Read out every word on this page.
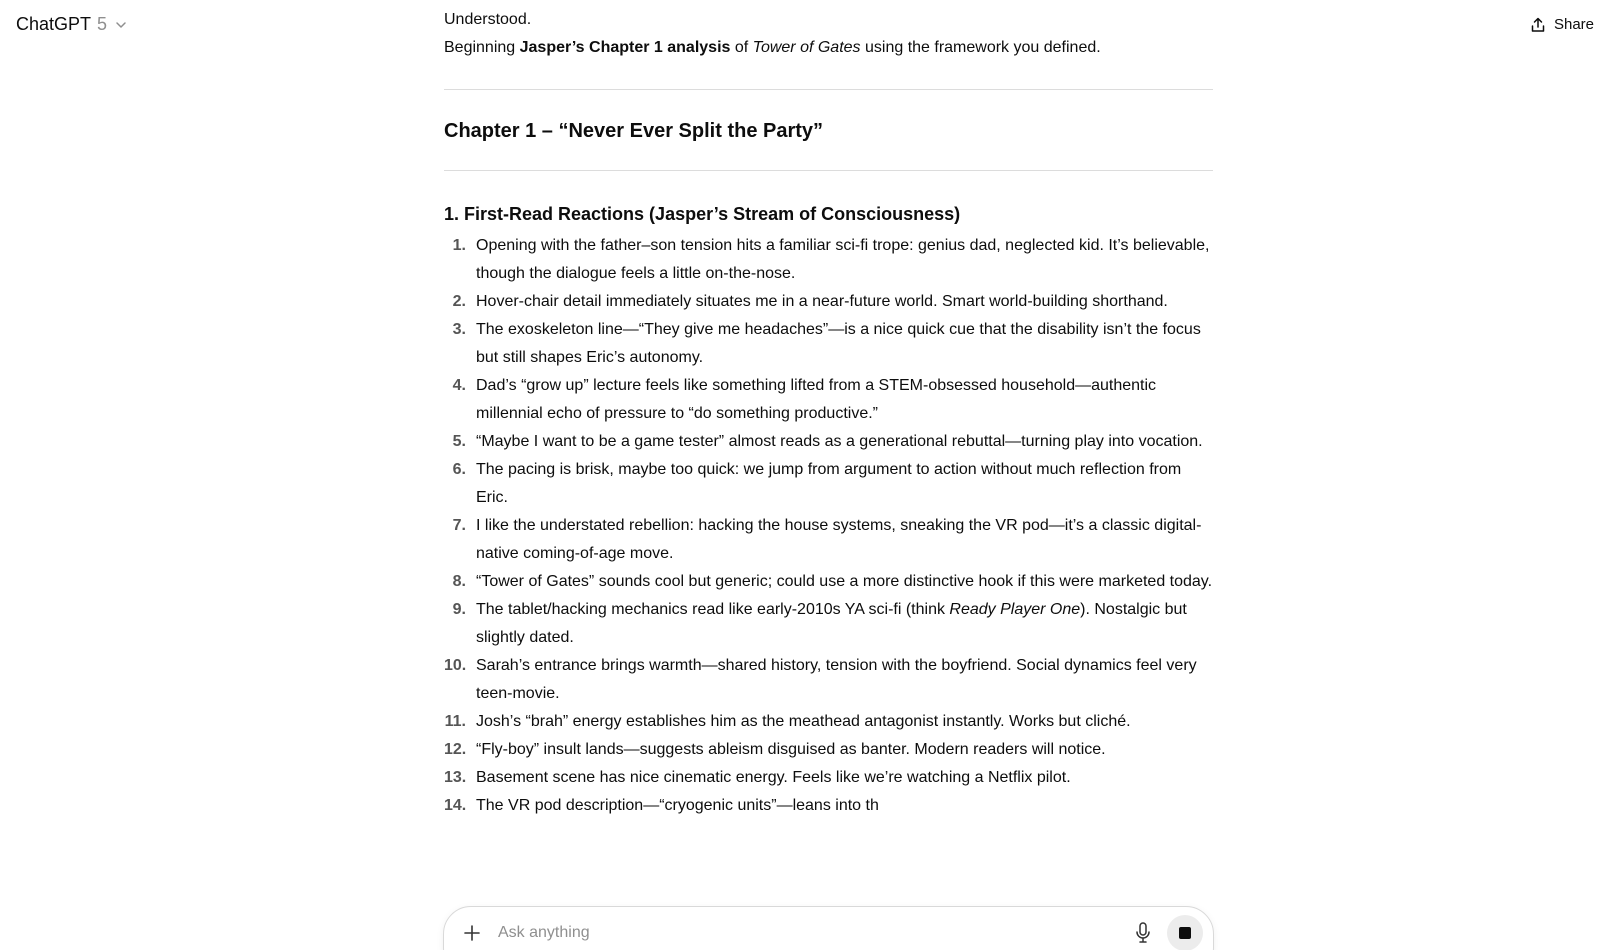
ChatGPT 5	Share

Understood.

Beginning Jasper’s Chapter 1 analysis of Tower of Gates using the framework you defined.

Chapter 1 – “Never Ever Split the Party”
1. First-Read Reactions (Jasper’s Stream of Consciousness)
1. Opening with the father–son tension hits a familiar sci-fi trope: genius dad, neglected kid. It’s believable, though the dialogue feels a little on-the-nose.
2. Hover-chair detail immediately situates me in a near-future world. Smart world-building shorthand.
3. The exoskeleton line—“They give me headaches”—is a nice quick cue that the disability isn’t the focus but still shapes Eric’s autonomy.
4. Dad’s “grow up” lecture feels like something lifted from a STEM-obsessed household—authentic millennial echo of pressure to “do something productive.”
5. “Maybe I want to be a game tester” almost reads as a generational rebuttal—turning play into vocation.
6. The pacing is brisk, maybe too quick: we jump from argument to action without much reflection from Eric.
7. I like the understated rebellion: hacking the house systems, sneaking the VR pod—it’s a classic digital-native coming-of-age move.
8. “Tower of Gates” sounds cool but generic; could use a more distinctive hook if this were marketed today.
9. The tablet/hacking mechanics read like early-2010s YA sci-fi (think Ready Player One). Nostalgic but slightly dated.
10. Sarah’s entrance brings warmth—shared history, tension with the boyfriend. Social dynamics feel very teen-movie.
11. Josh’s “brah” energy establishes him as the meathead antagonist instantly. Works but cliché.
12. “Fly-boy” insult lands—suggests ableism disguised as banter. Modern readers will notice.
13. Basement scene has nice cinematic energy. Feels like we’re watching a Netflix pilot.
14. The VR pod description—“cryogenic units”—leans into th
Ask anything
